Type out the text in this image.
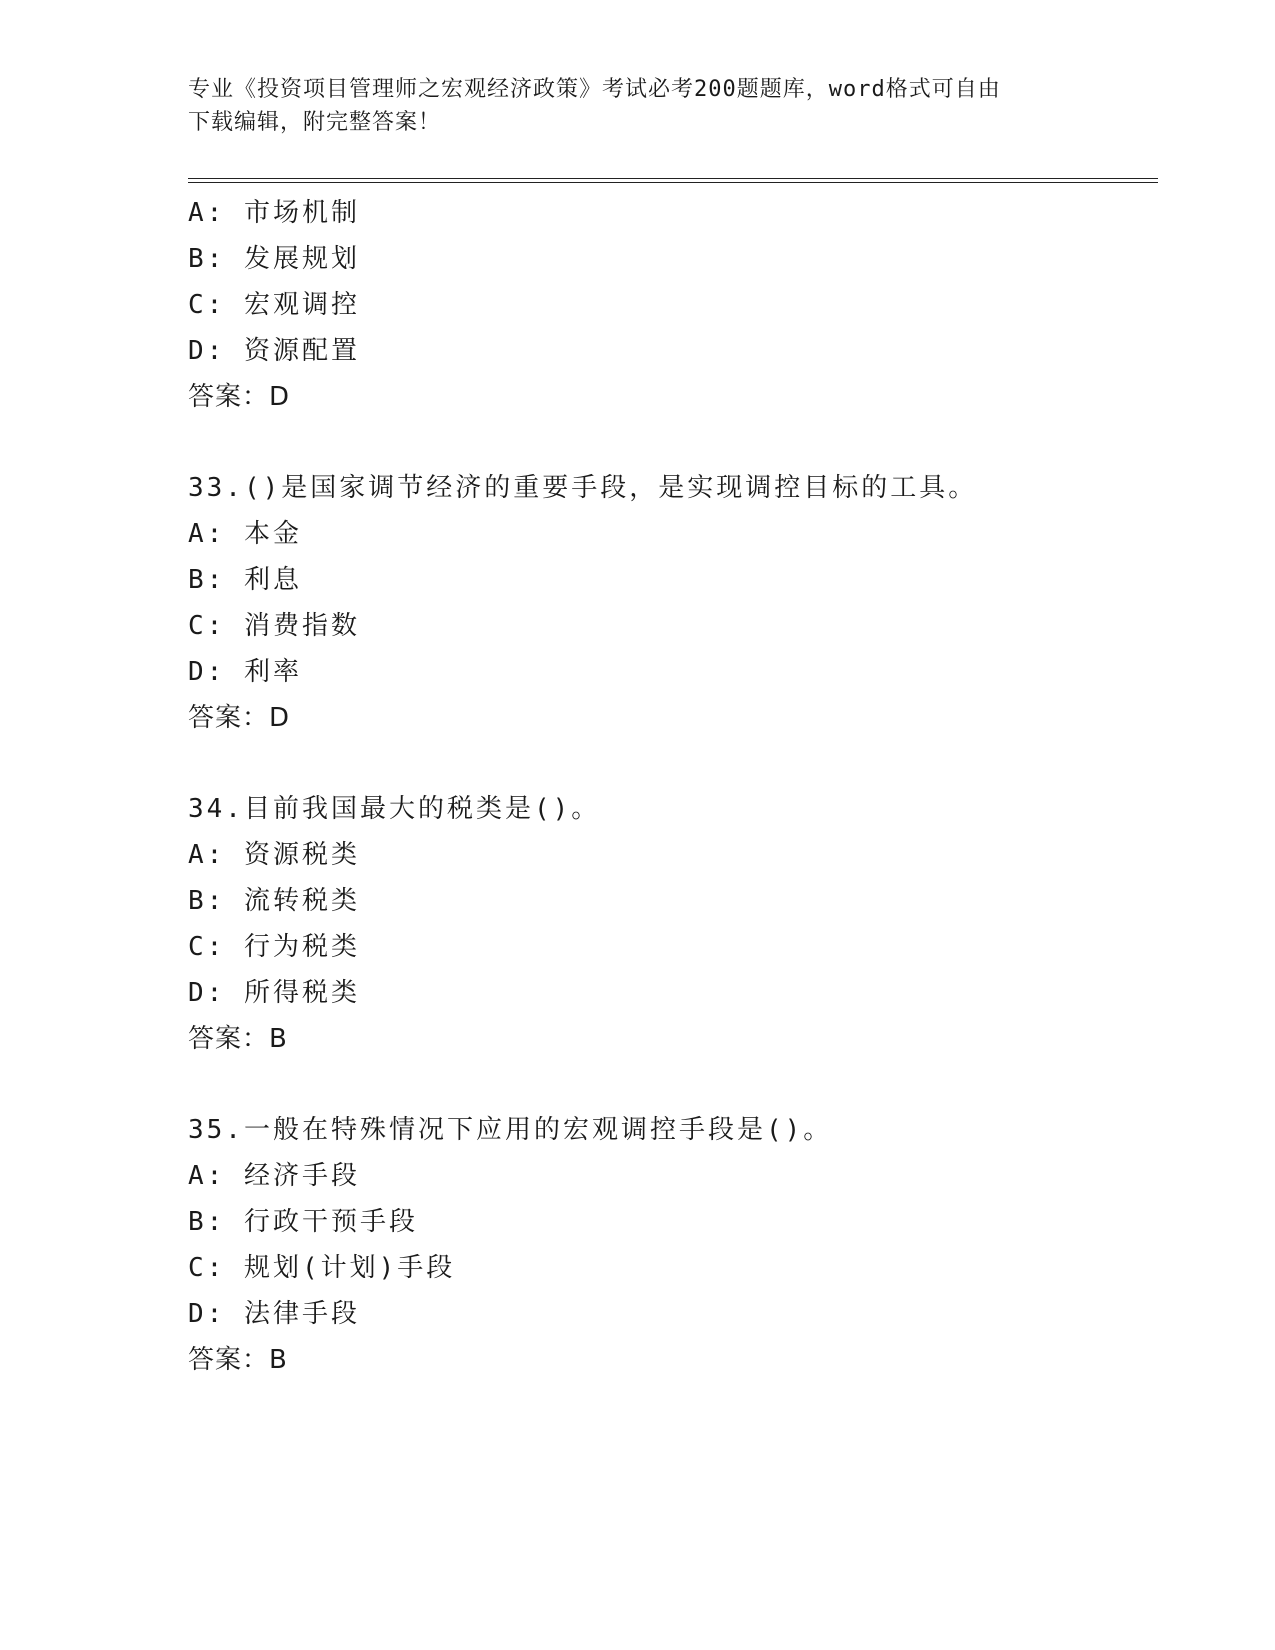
专业《投资项目管理师之宏观经济政策》考试必考200题题库，word格式可自由
下载编辑，附完整答案！
A: 市场机制
B: 发展规划
C: 宏观调控
D: 资源配置
答案：D
33.()是国家调节经济的重要手段，是实现调控目标的工具。
A: 本金
B: 利息
C: 消费指数
D: 利率
答案：D
34.目前我国最大的税类是()。
A: 资源税类
B: 流转税类
C: 行为税类
D: 所得税类
答案：B
35.一般在特殊情况下应用的宏观调控手段是()。
A: 经济手段
B: 行政干预手段
C: 规划(计划)手段
D: 法律手段
答案：B
